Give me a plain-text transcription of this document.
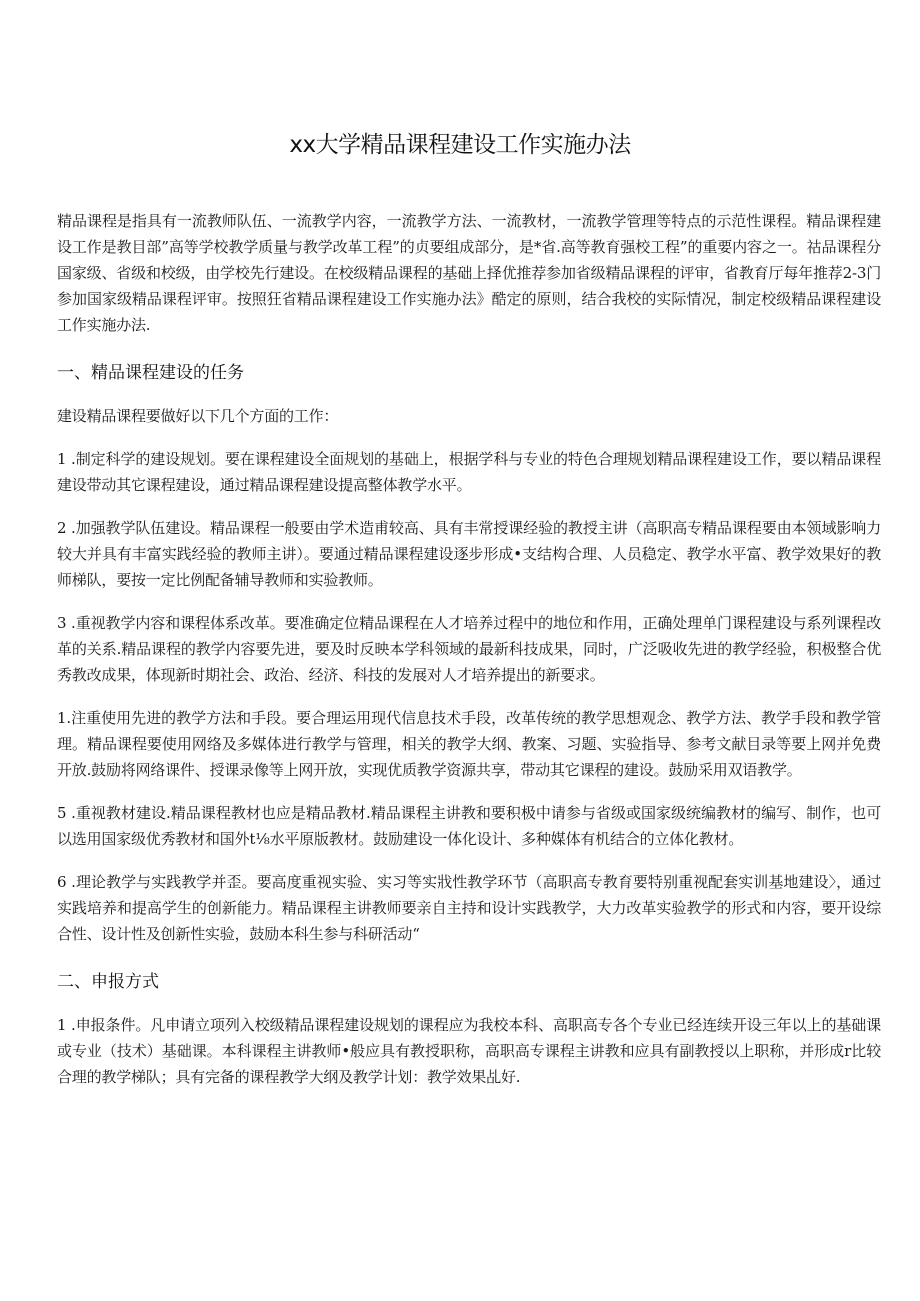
xx大学精品课程建设工作实施办法

精品课程是指具有一流教师队伍、一流教学内容，一流教学方法、一流教材，一流教学管理等特点的示范性课程。精品课程建设工作是教目部”高等学校教学质量与教学改革工程”的贞要组成部分，是*省.高等教育强校工程”的重要内容之一。祜品课程分国家级、省级和校级，由学校先行建设。在校级精品课程的基础上择优推荐参加省级精品课程的评审，省教育厅每年推荐2-3门参加国家级精品课程评审。按照狂省精品课程建设工作实施办法》酷定的原则，结合我校的实际情况，制定校级精品课程建设工作实施办法.

一、精品课程建设的任务

建设精品课程要做好以下几个方面的工作：

1 .制定科学的建设规划。要在课程建设全面规划的基础上，根据学科与专业的特色合理规划精品课程建设工作，要以精品课程建设带动其它课程建设，通过精品课程建设提高整体教学水平。

2 .加强教学队伍建设。精品课程一般要由学术造甫较高、具有丰常授课经验的教授主讲（高职高专精品课程要由本领域影响力较大并具有丰富实践经验的教师主讲）。要通过精品课程建设逐步形成•支结构合理、人员稳定、教学水平富、教学效果好的教师梯队，要按一定比例配备辅导教师和实验教师。

3 .重视教学内容和课程体系改革。要准确定位精品课程在人才培养过程中的地位和作用，正确处理单门课程建设与系列课程改革的关系.精品课程的教学内容要先进，要及时反映本学科领域的最新科技成果，同时，广泛吸收先进的教学经验，积极整合优秀教改成果，体现新时期社会、政治、经济、科技的发展对人才培养提出的新要求。

1.注重使用先进的教学方法和手段。要合理运用现代信息技术手段，改革传统的教学思想观念、教学方法、教学手段和教学管理。精品课程要使用网络及多媒体进行教学与管理，相关的教学大纲、教案、习题、实验指导、参考文献目录等要上网并免费开放.鼓励将网络课件、授课录像等上网开放，实现优质教学资源共享，带动其它课程的建设。鼓励采用双语教学。

5 .重视教材建设.精品课程教材也应是精品教材.精品课程主讲教和要积极中请参与省级或国家级统编教材的编写、制作，也可以选用国家级优秀教材和国外t⅛水平原版教材。鼓励建设一体化设计、多种媒体有机结合的立体化教材。

6 .理论教学与实践教学并歪。要高度重视实验、实习等实戕性教学环节（高职高专教育要特别重视配套实训基地建设〉，通过实践培养和提高学生的创新能力。精品课程主讲教师要亲自主持和设计实践教学，大力改革实验教学的形式和内容，要开设综合性、设计性及创新性实验，鼓励本科生参与科研活动“

二、申报方式

1 .申报条件。凡申请立项列入校级精品课程建设规划的课程应为我校本科、高职高专各个专业已经连续开设三年以上的基础课或专业（技术）基础课。本科课程主讲教师•般应具有教授职称，高职高专课程主讲教和应具有副教授以上职称，并形成r比较合理的教学梯队；具有完备的课程教学大纲及教学计划：教学效果乩好.
